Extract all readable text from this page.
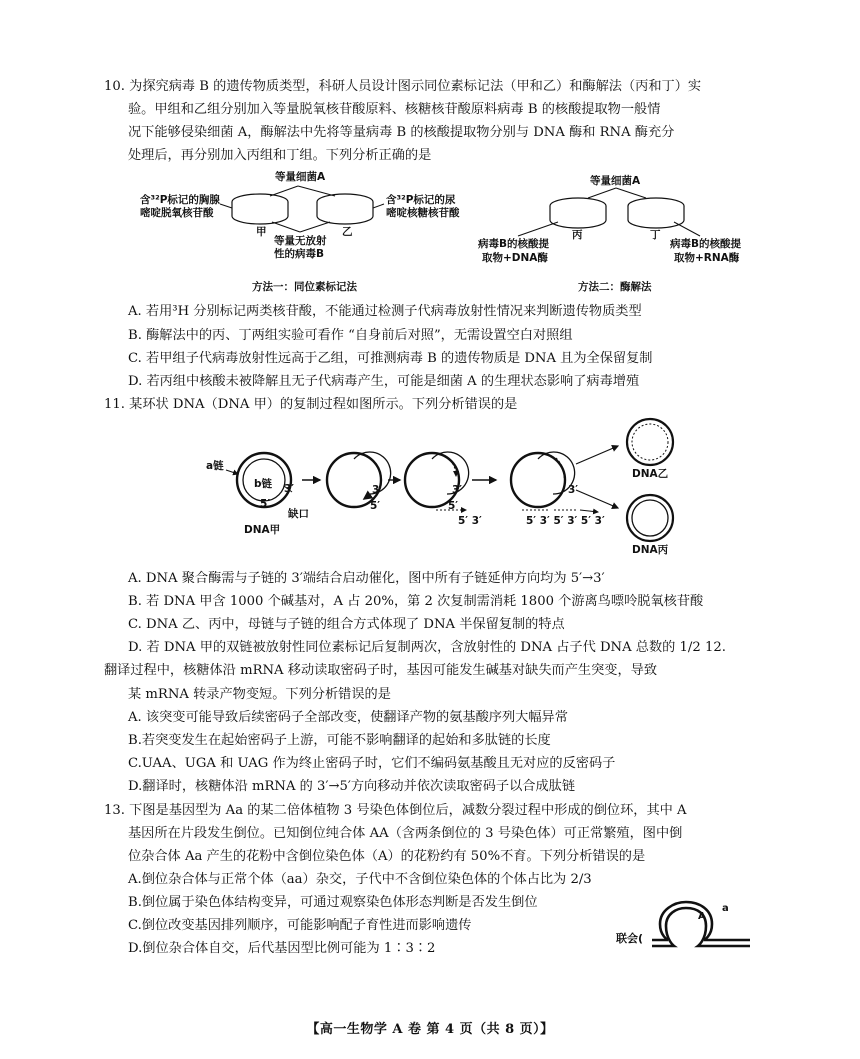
10. 为探究病毒 B 的遗传物质类型，科研人员设计图示同位素标记法（甲和乙）和酶解法（丙和丁）实
验。甲组和乙组分别加入等量脱氧核苷酸原料、核糖核苷酸原料病毒 B 的核酸提取物一般情
况下能够侵染细菌 A，酶解法中先将等量病毒 B 的核酸提取物分别与 DNA 酶和 RNA 酶充分
处理后，再分别加入丙组和丁组。下列分析正确的是
等量细菌A
含³²P标记的胸腺
嘧啶脱氧核苷酸
含³²P标记的尿
嘧啶核糖核苷酸
甲	乙
等量无放射
性的病毒B
方法一：同位素标记法
等量细菌A
丙	丁
病毒B的核酸提
取物+DNA酶
病毒B的核酸提
取物+RNA酶
方法二：酶解法
A. 若用³H 分别标记两类核苷酸，不能通过检测子代病毒放射性情况来判断遗传物质类型
B. 酶解法中的丙、丁两组实验可看作 “自身前后对照”，无需设置空白对照组
C. 若甲组子代病毒放射性远高于乙组，可推测病毒 B 的遗传物质是 DNA 且为全保留复制
D. 若丙组中核酸未被降解且无子代病毒产生，可能是细菌 A 的生理状态影响了病毒增殖
11. 某环状 DNA（DNA 甲）的复制过程如图所示。下列分析错误的是
a链
b链 3′
5′
缺口
DNA甲
3′
5′
3′
5′
5′ 3′
3′
5′ 3′ 5′ 3′ 5′ 3′
DNA乙
DNA丙
A. DNA 聚合酶需与子链的 3′端结合启动催化，图中所有子链延伸方向均为 5′→3′
B. 若 DNA 甲含 1000 个碱基对，A 占 20%，第 2 次复制需消耗 1800 个游离鸟嘌呤脱氧核苷酸
C. DNA 乙、丙中，母链与子链的组合方式体现了 DNA 半保留复制的特点
D. 若 DNA 甲的双链被放射性同位素标记后复制两次，含放射性的 DNA 占子代 DNA 总数的 1/2 12.
翻译过程中，核糖体沿 mRNA 移动读取密码子时，基因可能发生碱基对缺失而产生突变，导致
某 mRNA 转录产物变短。下列分析错误的是
A. 该突变可能导致后续密码子全部改变，使翻译产物的氨基酸序列大幅异常
B.若突变发生在起始密码子上游，可能不影响翻译的起始和多肽链的长度
C.UAA、UGA 和 UAG 作为终止密码子时，它们不编码氨基酸且无对应的反密码子
D.翻译时，核糖体沿 mRNA 的 3′→5′方向移动并依次读取密码子以合成肽链
13. 下图是基因型为 Aa 的某二倍体植物 3 号染色体倒位后，减数分裂过程中形成的倒位环，其中 A
基因所在片段发生倒位。已知倒位纯合体 AA（含两条倒位的 3 号染色体）可正常繁殖，图中倒
位杂合体 Aa 产生的花粉中含倒位染色体（A）的花粉约有 50%不育。下列分析错误的是
A.倒位杂合体与正常个体（aa）杂交，子代中不含倒位染色体的个体占比为 2/3
B.倒位属于染色体结构变异，可通过观察染色体形态判断是否发生倒位
C.倒位改变基因排列顺序，可能影响配子育性进而影响遗传
D.倒位杂合体自交，后代基因型比例可能为 1∶3∶2
A
a
联会(
【高一生物学 A 卷 第 4 页（共 8 页）】
